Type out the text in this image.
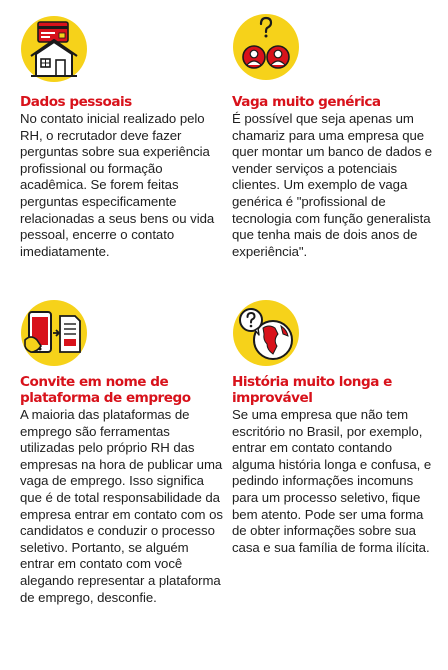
Dados pessoais

No contato inicial realizado pelo RH, o recrutador deve fazer perguntas sobre sua experiência profissional ou formação acadêmica. Se forem feitas perguntas especificamente relacionadas a seus bens ou vida pessoal, encerre o contato imediatamente.

Vaga muito genérica

É possível que seja apenas um chamariz para uma empresa que quer montar um banco de dados e vender serviços a potenciais clientes. Um exemplo de vaga genérica é "profissional de tecnologia com função generalista que tenha mais de dois anos de experiência".

Convite em nome de plataforma de emprego

A maioria das plataformas de emprego são ferramentas utilizadas pelo próprio RH das empresas na hora de publicar uma vaga de emprego. Isso significa que é de total responsabilidade da empresa entrar em contato com os candidatos e conduzir o processo seletivo. Portanto, se alguém entrar em contato com você alegando representar a plataforma de emprego, desconfie.

História muito longa e improvável

Se uma empresa que não tem escritório no Brasil, por exemplo, entrar em contato contando alguma história longa e confusa, e pedindo informações incomuns para um processo seletivo, fique bem atento. Pode ser uma forma de obter informações sobre sua casa e sua família de forma ilícita.
